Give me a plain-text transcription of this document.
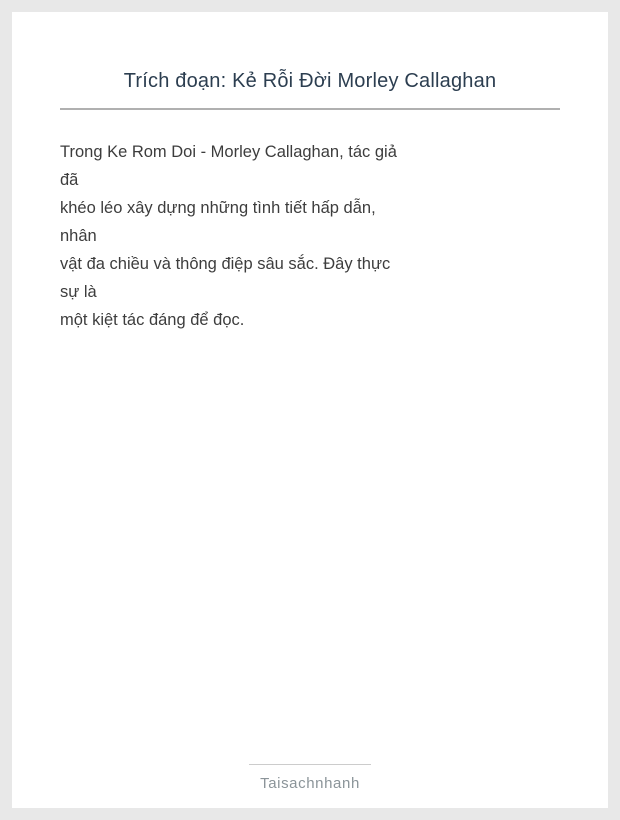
Trích đoạn: Kẻ Rỗi Đời Morley Callaghan
Trong Ke Rom Doi - Morley Callaghan, tác giả
đã
khéo léo xây dựng những tình tiết hấp dẫn,
nhân
vật đa chiều và thông điệp sâu sắc. Đây thực
sự là
một kiệt tác đáng để đọc.
Taisachnhanh
